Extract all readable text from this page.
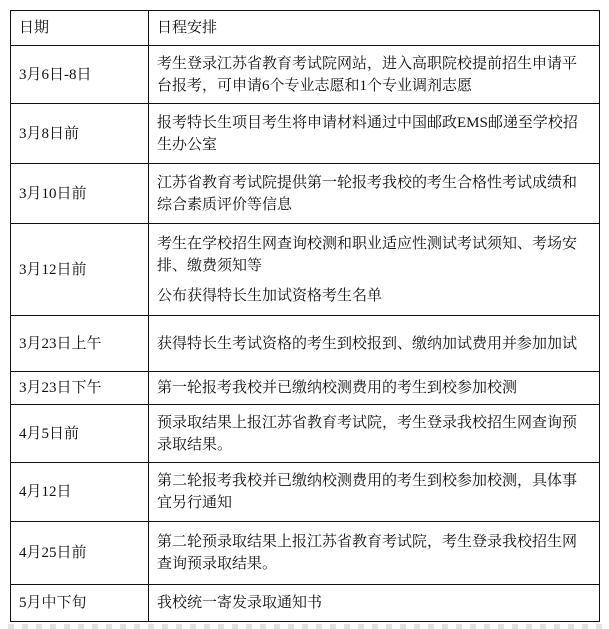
日期	日程安排
3月6日-8日	考生登录江苏省教育考试院网站，进入高职院校提前招生申请平台报考，可申请6个专业志愿和1个专业调剂志愿

3月8日前	报考特长生项目考生将申请材料通过中国邮政EMS邮递至学校招生办公室

3月10日前	江苏省教育考试院提供第一轮报考我校的考生合格性考试成绩和综合素质评价等信息

3月12日前	考生在学校招生网查询校测和职业适应性测试考试须知、考场安排、缴费须知等

公布获得特长生加试资格考生名单

3月23日上午	获得特长生考试资格的考生到校报到、缴纳加试费用并参加加试

3月23日下午	第一轮报考我校并已缴纳校测费用的考生到校参加校测

4月5日前	预录取结果上报江苏省教育考试院，考生登录我校招生网查询预录取结果。

4月12日	第二轮报考我校并已缴纳校测费用的考生到校参加校测，具体事宜另行通知

4月25日前	第二轮预录取结果上报江苏省教育考试院，考生登录我校招生网查询预录取结果。

5月中下旬	我校统一寄发录取通知书
